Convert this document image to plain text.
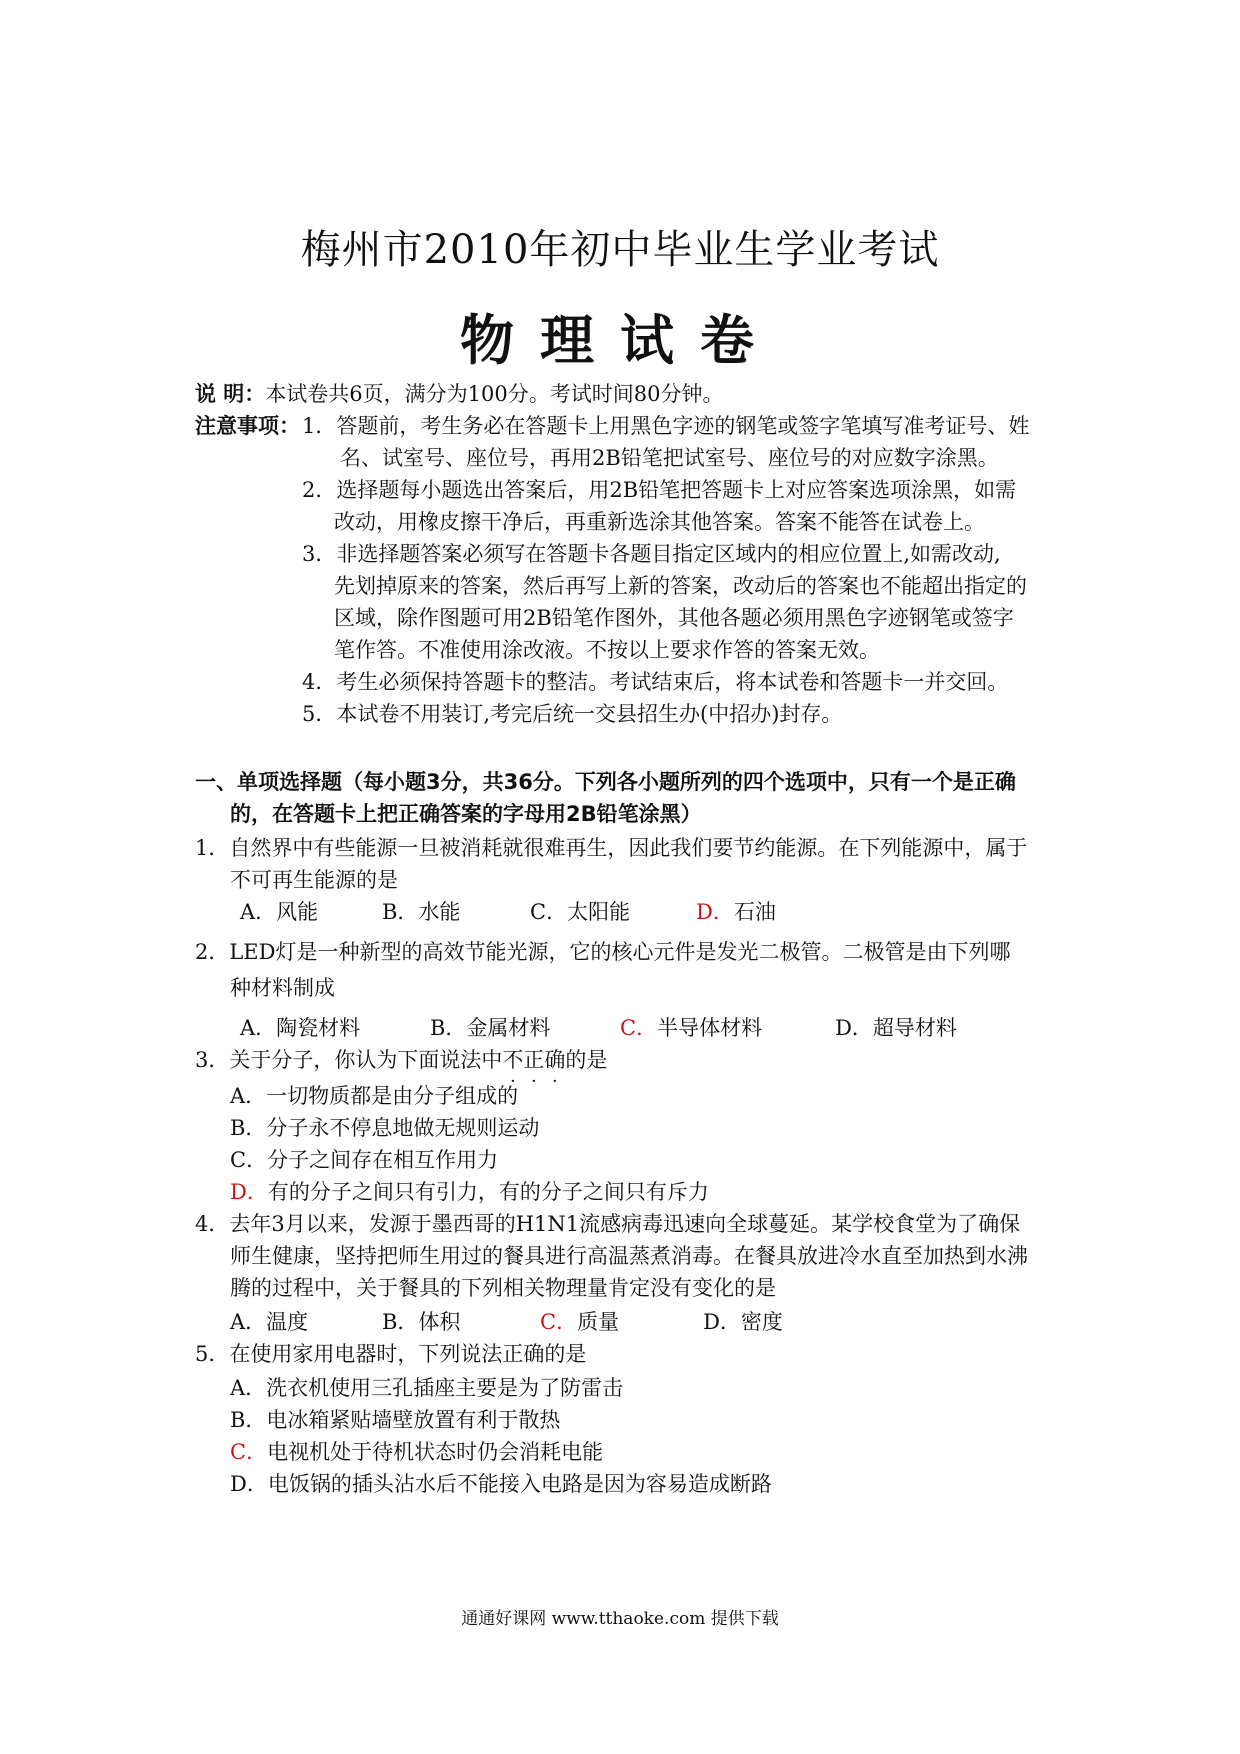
梅州市2010年初中毕业生学业考试
物理试卷
说 明：本试卷共6页，满分为100分。考试时间80分钟。
注意事项： 1．答题前，考生务必在答题卡上用黑色字迹的钢笔或签字笔填写准考证号、姓
名、试室号、座位号，再用2B铅笔把试室号、座位号的对应数字涂黑。
2．选择题每小题选出答案后，用2B铅笔把答题卡上对应答案选项涂黑，如需
改动，用橡皮擦干净后，再重新选涂其他答案。答案不能答在试卷上。
3．非选择题答案必须写在答题卡各题目指定区域内的相应位置上,如需改动,
先划掉原来的答案，然后再写上新的答案，改动后的答案也不能超出指定的
区域，除作图题可用2B铅笔作图外，其他各题必须用黑色字迹钢笔或签字
笔作答。不准使用涂改液。不按以上要求作答的答案无效。
4．考生必须保持答题卡的整洁。考试结束后，将本试卷和答题卡一并交回。
5．本试卷不用装订,考完后统一交县招生办(中招办)封存。
一、单项选择题（每小题3分，共36分。下列各小题所列的四个选项中，只有一个是正确
的，在答题卡上把正确答案的字母用2B铅笔涂黑）
1．自然界中有些能源一旦被消耗就很难再生，因此我们要节约能源。在下列能源中，属于
不可再生能源的是
A．风能	B．水能	C．太阳能	D．石油
2．LED灯是一种新型的高效节能光源，它的核心元件是发光二极管。二极管是由下列哪
种材料制成
A．陶瓷材料	B．金属材料	C．半导体材料	D．超导材料
3．关于分子，你认为下面说法中不正确的是
A．一切物质都是由分子组成的
B．分子永不停息地做无规则运动
C．分子之间存在相互作用力
D．有的分子之间只有引力，有的分子之间只有斥力
4．去年3月以来，发源于墨西哥的H1N1流感病毒迅速向全球蔓延。某学校食堂为了确保
师生健康，坚持把师生用过的餐具进行高温蒸煮消毒。在餐具放进冷水直至加热到水沸
腾的过程中，关于餐具的下列相关物理量肯定没有变化的是
A．温度	B．体积	C．质量	D．密度
5．在使用家用电器时，下列说法正确的是
A．洗衣机使用三孔插座主要是为了防雷击
B．电冰箱紧贴墙壁放置有利于散热
C．电视机处于待机状态时仍会消耗电能
D．电饭锅的插头沾水后不能接入电路是因为容易造成断路
通通好课网 www.tthaoke.com 提供下载
